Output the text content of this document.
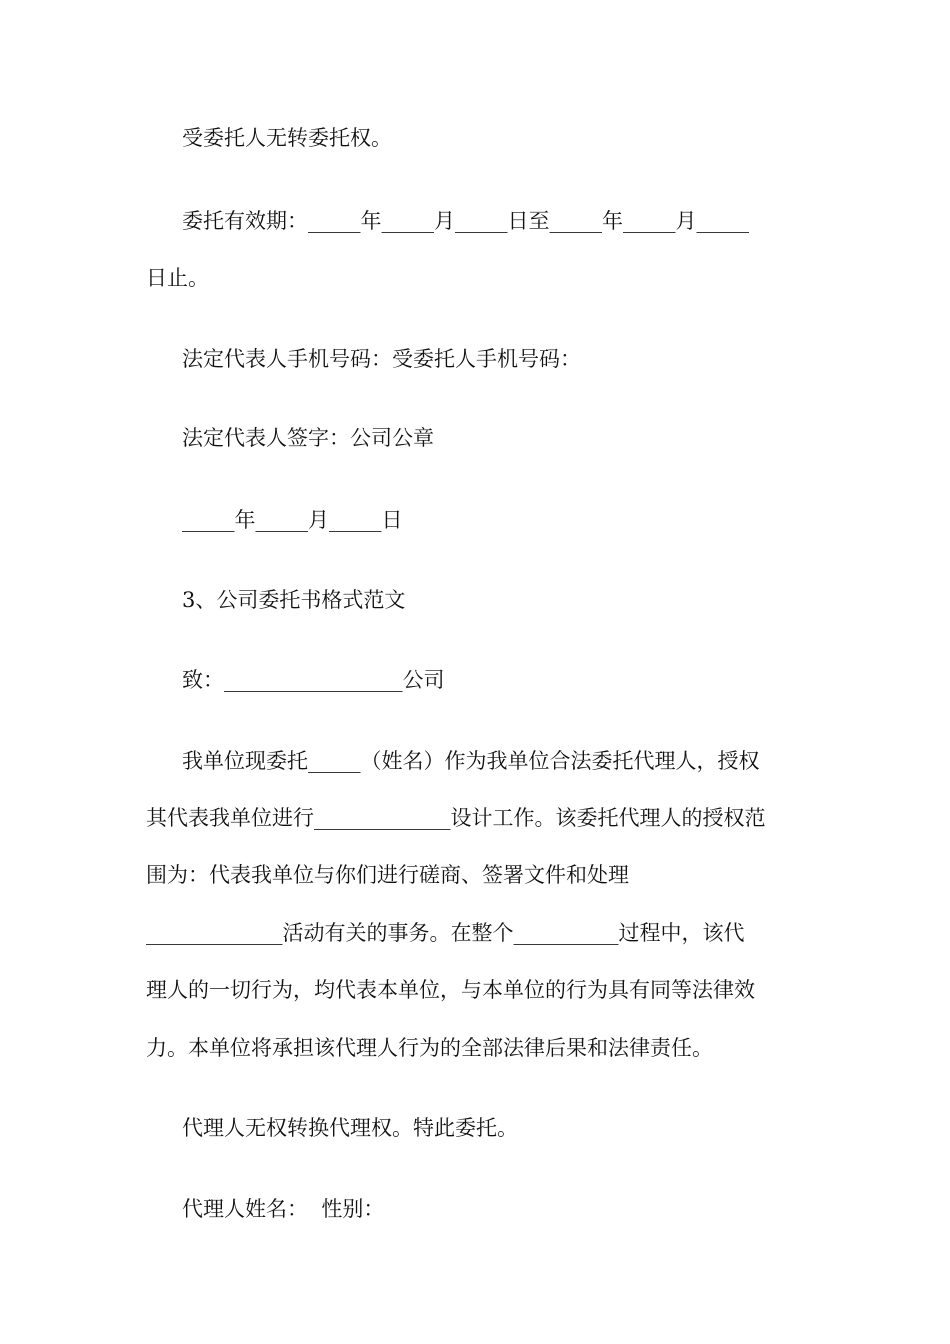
受委托人无转委托权。
委托有效期：_____年_____月_____日至_____年_____月_____
日止。
法定代表人手机号码：受委托人手机号码：
法定代表人签字：公司公章
_____年_____月_____日
3、公司委托书格式范文
致：_________________公司
我单位现委托_____（姓名）作为我单位合法委托代理人，授权
其代表我单位进行_____________设计工作。该委托代理人的授权范
围为：代表我单位与你们进行磋商、签署文件和处理
_____________活动有关的事务。在整个__________过程中，该代
理人的一切行为，均代表本单位，与本单位的行为具有同等法律效
力。本单位将承担该代理人行为的全部法律后果和法律责任。
代理人无权转换代理权。特此委托。
代理人姓名：  性别：
